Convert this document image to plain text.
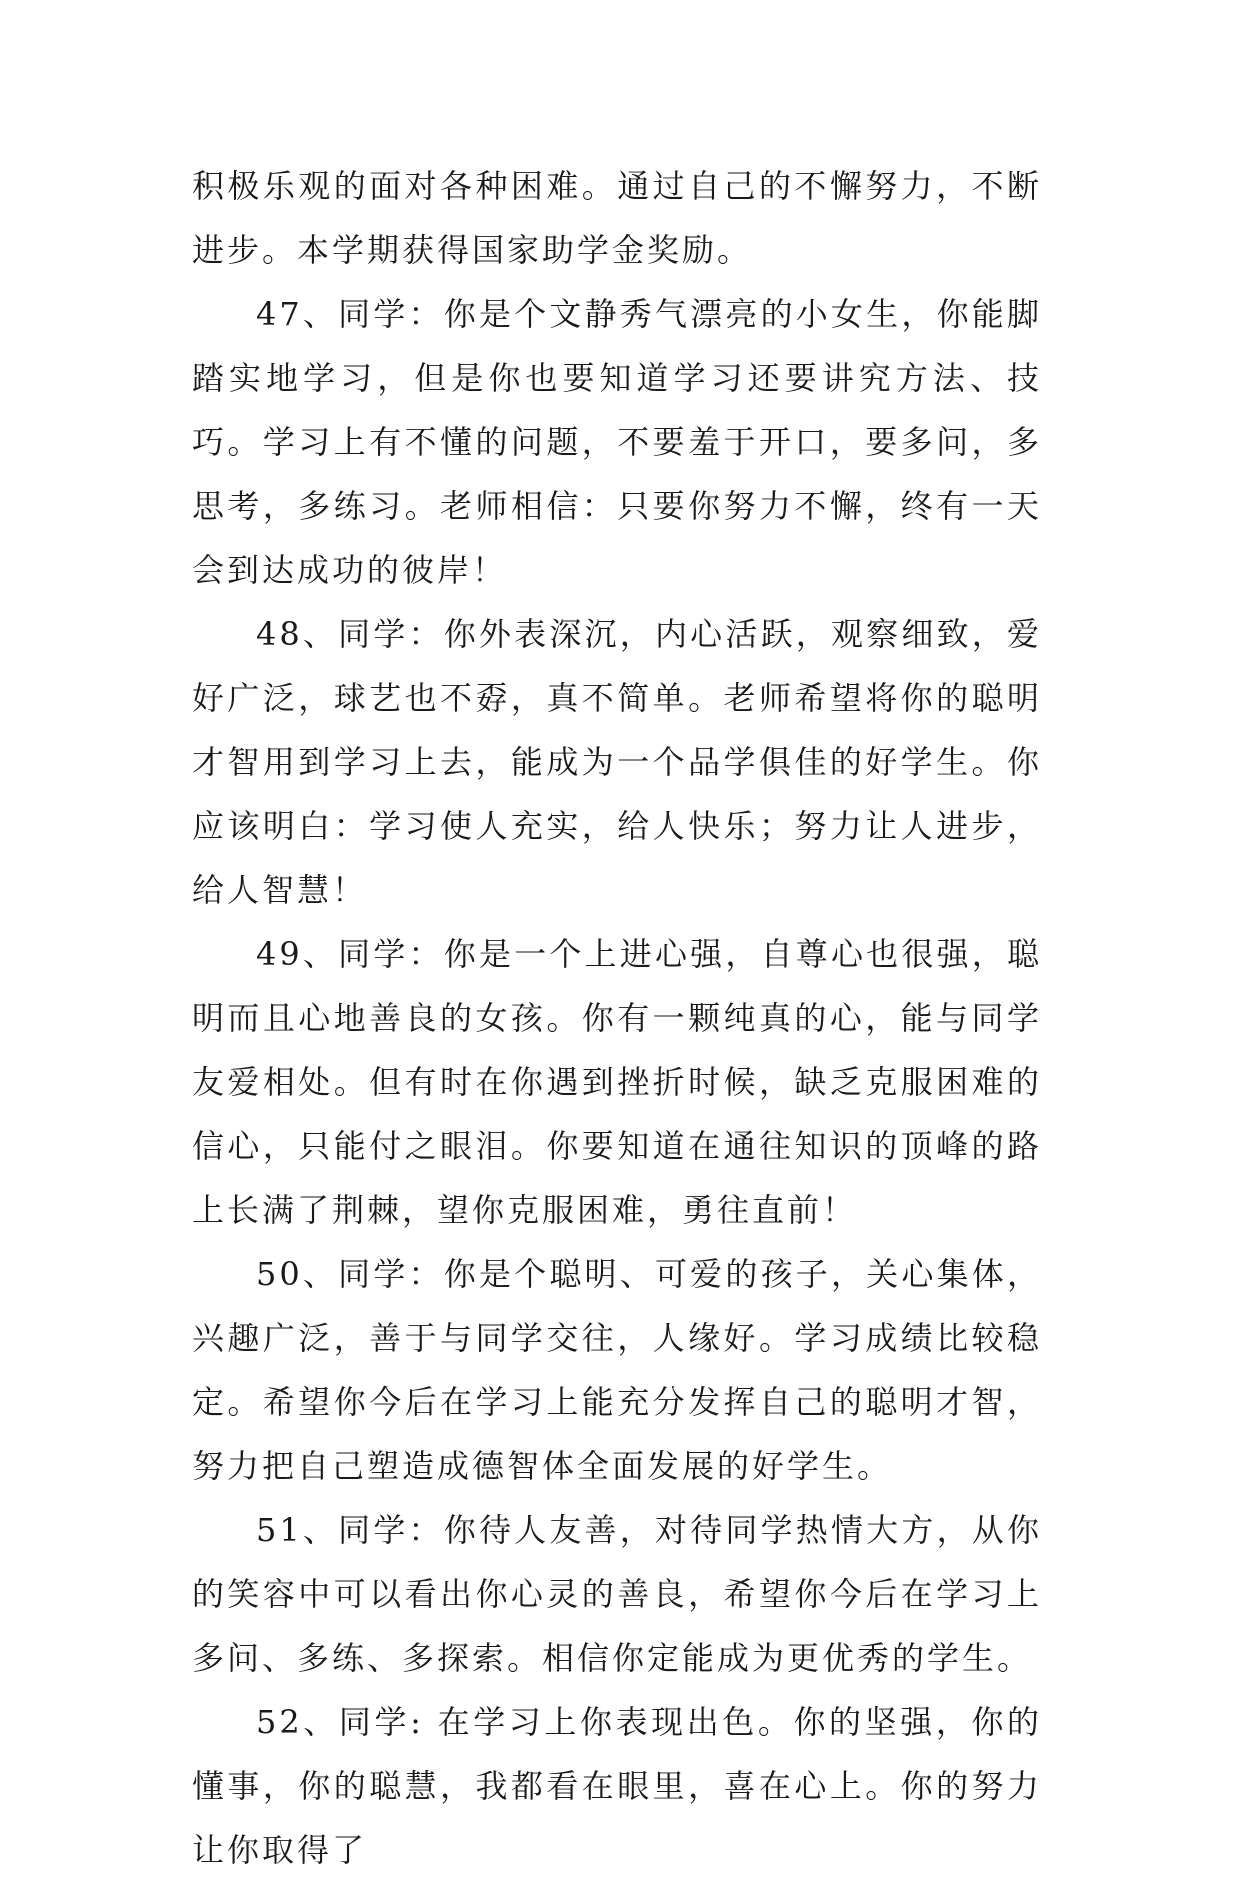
积极乐观的面对各种困难。通过自己的不懈努力，不断进步。本学期获得国家助学金奖励。

47、同学：你是个文静秀气漂亮的小女生，你能脚踏实地学习，但是你也要知道学习还要讲究方法、技巧。学习上有不懂的问题，不要羞于开口，要多问，多思考，多练习。老师相信：只要你努力不懈，终有一天会到达成功的彼岸！

48、同学：你外表深沉，内心活跃，观察细致，爱好广泛，球艺也不孬，真不简单。老师希望将你的聪明才智用到学习上去，能成为一个品学俱佳的好学生。你应该明白：学习使人充实，给人快乐；努力让人进步，给人智慧！

49、同学：你是一个上进心强，自尊心也很强，聪明而且心地善良的女孩。你有一颗纯真的心，能与同学友爱相处。但有时在你遇到挫折时候，缺乏克服困难的信心，只能付之眼泪。你要知道在通往知识的顶峰的路上长满了荆棘，望你克服困难，勇往直前！

50、同学：你是个聪明、可爱的孩子，关心集体，兴趣广泛，善于与同学交往，人缘好。学习成绩比较稳定。希望你今后在学习上能充分发挥自己的聪明才智，努力把自己塑造成德智体全面发展的好学生。

51、同学：你待人友善，对待同学热情大方，从你的笑容中可以看出你心灵的善良，希望你今后在学习上多问、多练、多探索。相信你定能成为更优秀的学生。

52、同学: 在学习上你表现出色。你的坚强，你的懂事，你的聪慧，我都看在眼里，喜在心上。你的努力让你取得了
